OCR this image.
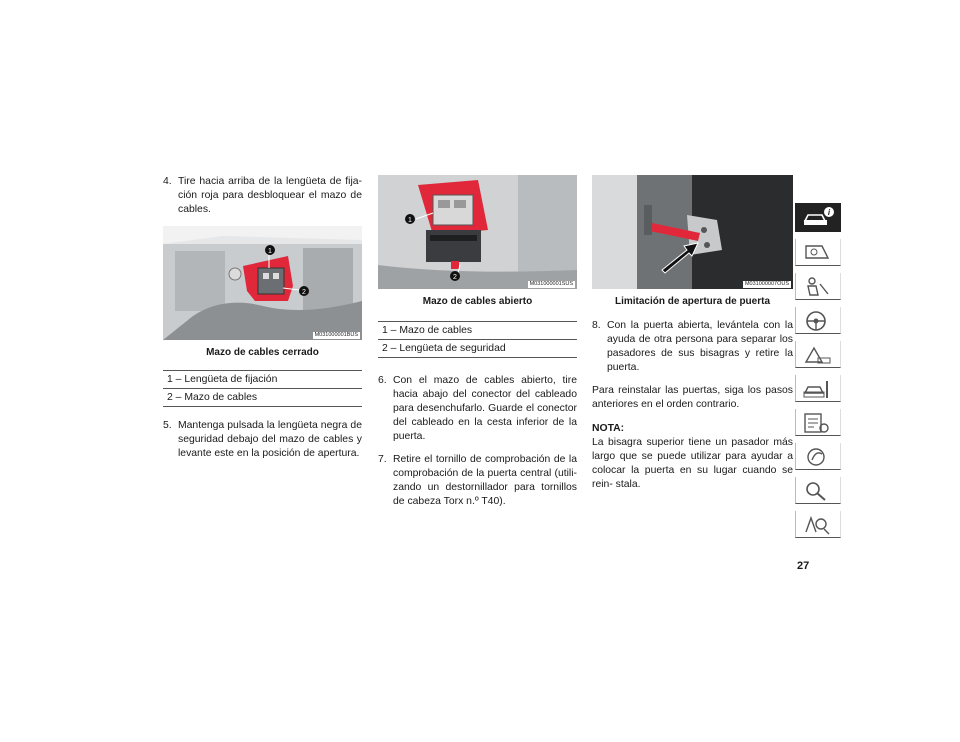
4. Tire hacia arriba de la lengüeta de fija- ción roja para desbloquear el mazo de cables.
1
2
M031000001BUS
Mazo de cables cerrado
1 – Lengüeta de fijación
2 – Mazo de cables
5. Mantenga pulsada la lengüeta negra de seguridad debajo del mazo de cables y levante este en la posición de apertura.
1
2
M031000001SUS
Mazo de cables abierto
1 – Mazo de cables
2 – Lengüeta de seguridad
6. Con el mazo de cables abierto, tire hacia abajo del conector del cableado para desenchufarlo. Guarde el conector del cableado en la cesta inferior de la puerta.
7. Retire el tornillo de comprobación de la comprobación de la puerta central (utili- zando un destornillador para tornillos de cabeza Torx n.º T40).
M031000007OUS
Limitación de apertura de puerta
8. Con la puerta abierta, levántela con la ayuda de otra persona para separar los pasadores de sus bisagras y retire la puerta.

Para reinstalar las puertas, siga los pasos anteriores en el orden contrario.

NOTA:

La bisagra superior tiene un pasador más largo que se puede utilizar para ayudar a colocar la puerta en su lugar cuando se rein- stala.

i
27
